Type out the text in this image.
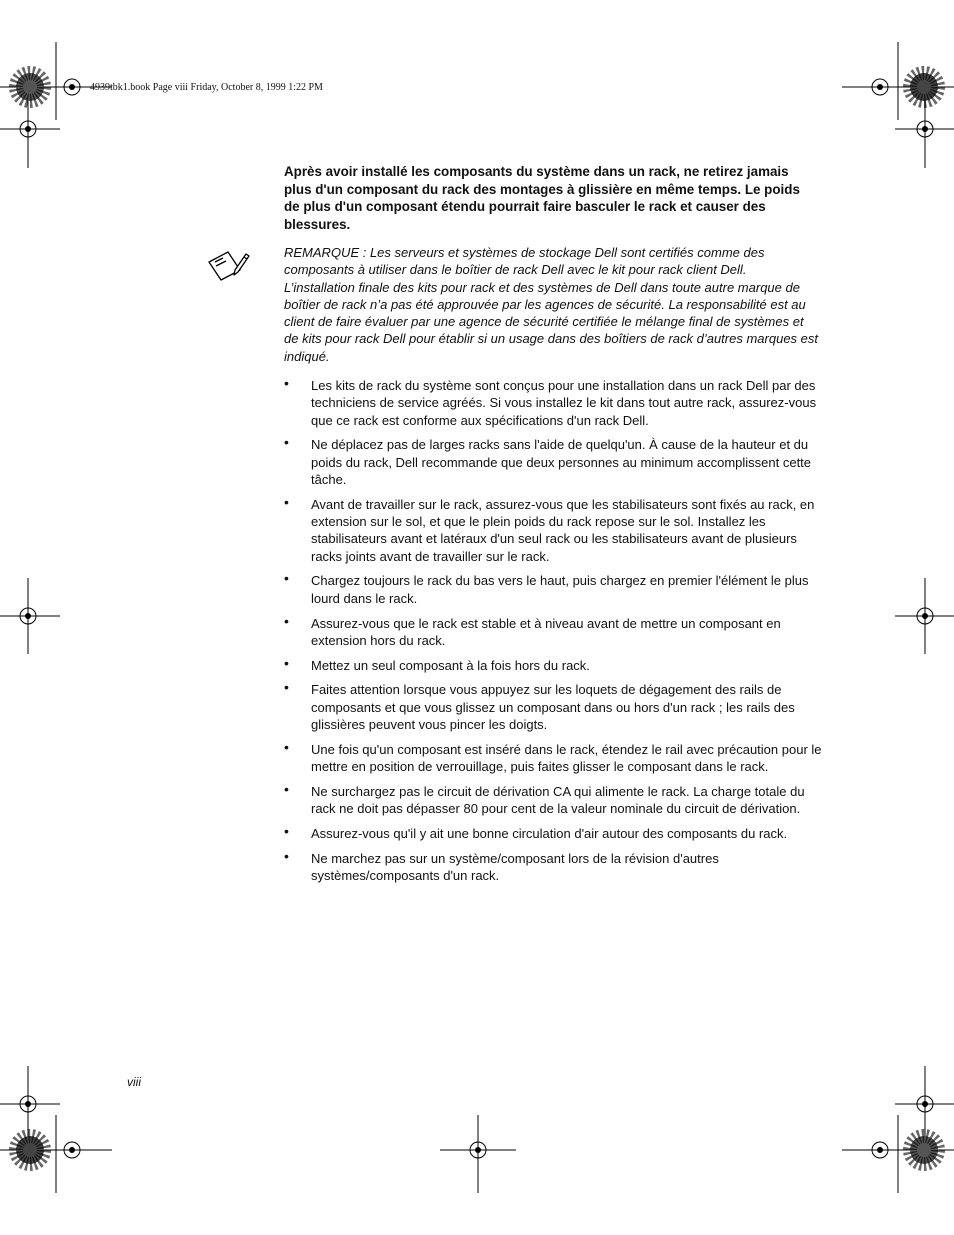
4939tbk1.book Page viii Friday, October 8, 1999 1:22 PM
Après avoir installé les composants du système dans un rack, ne retirez jamais plus d'un composant du rack des montages à glissière en même temps. Le poids de plus d'un composant étendu pourrait faire basculer le rack et causer des blessures.
REMARQUE : Les serveurs et systèmes de stockage Dell sont certifiés comme des composants à utiliser dans le boîtier de rack Dell avec le kit pour rack client Dell. L’installation finale des kits pour rack et des systèmes de Dell dans toute autre marque de boîtier de rack n’a pas été approuvée par les agences de sécurité. La responsabilité est au client de faire évaluer par une agence de sécurité certifiée le mélange final de systèmes et de kits pour rack Dell pour établir si un usage dans des boîtiers de rack d’autres marques est indiqué.
• Les kits de rack du système sont conçus pour une installation dans un rack Dell par des techniciens de service agréés. Si vous installez le kit dans tout autre rack, assurez-vous que ce rack est conforme aux spécifications d'un rack Dell.
• Ne déplacez pas de larges racks sans l'aide de quelqu'un. À cause de la hauteur et du poids du rack, Dell recommande que deux personnes au minimum accomplissent cette tâche.
• Avant de travailler sur le rack, assurez-vous que les stabilisateurs sont fixés au rack, en extension sur le sol, et que le plein poids du rack repose sur le sol. Installez les stabilisateurs avant et latéraux d'un seul rack ou les stabilisateurs avant de plusieurs racks joints avant de travailler sur le rack.
• Chargez toujours le rack du bas vers le haut, puis chargez en premier l'élément le plus lourd dans le rack.
• Assurez-vous que le rack est stable et à niveau avant de mettre un composant en extension hors du rack.
• Mettez un seul composant à la fois hors du rack.
• Faites attention lorsque vous appuyez sur les loquets de dégagement des rails de composants et que vous glissez un composant dans ou hors d'un rack ; les rails des glissières peuvent vous pincer les doigts.
• Une fois qu'un composant est inséré dans le rack, étendez le rail avec précaution pour le mettre en position de verrouillage, puis faites glisser le composant dans le rack.
• Ne surchargez pas le circuit de dérivation CA qui alimente le rack. La charge totale du rack ne doit pas dépasser 80 pour cent de la valeur nominale du circuit de dérivation.
• Assurez-vous qu'il y ait une bonne circulation d'air autour des composants du rack.
• Ne marchez pas sur un système/composant lors de la révision d'autres systèmes/composants d'un rack.
viii
